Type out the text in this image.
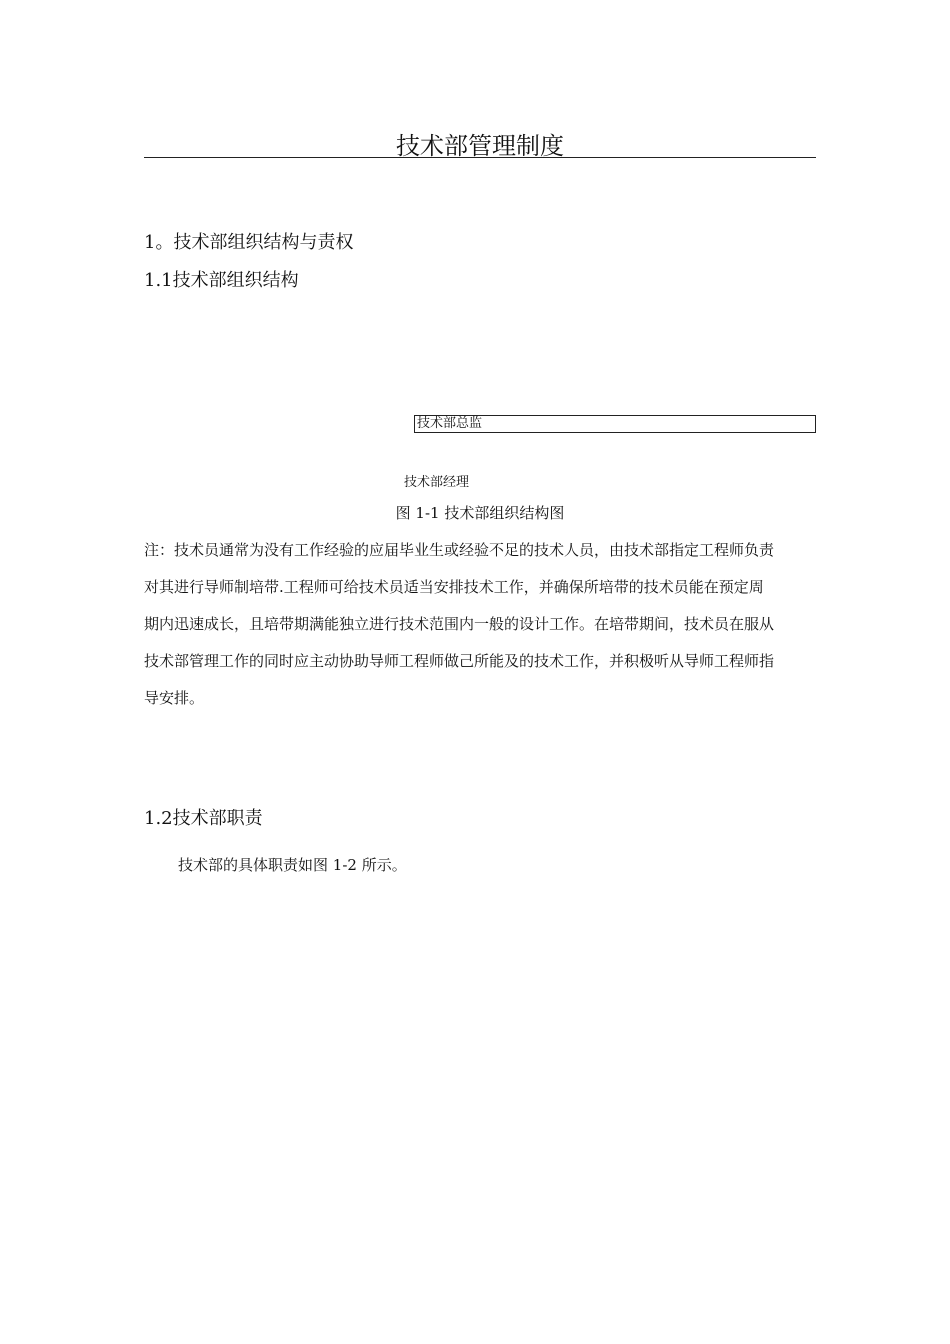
技术部管理制度
1。技术部组织结构与责权
1.1技术部组织结构
技术部总监
技术部经理
图 1-1 技术部组织结构图
注：技术员通常为没有工作经验的应届毕业生或经验不足的技术人员，由技术部指定工程师负责
对其进行导师制培带.工程师可给技术员适当安排技术工作，并确保所培带的技术员能在预定周
期内迅速成长，且培带期满能独立进行技术范围内一般的设计工作。在培带期间，技术员在服从
技术部管理工作的同时应主动协助导师工程师做己所能及的技术工作，并积极听从导师工程师指
导安排。
1.2技术部职责
技术部的具体职责如图 1-2 所示。
